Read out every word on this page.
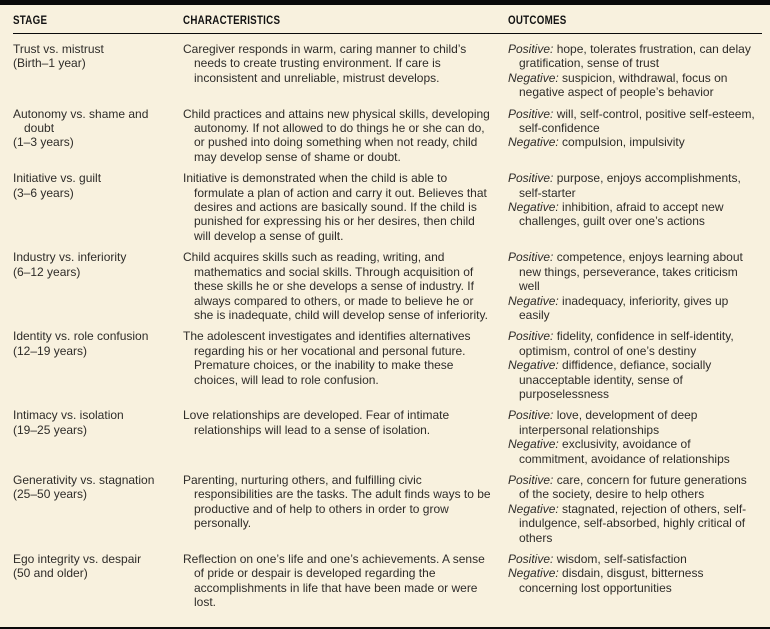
STAGE	CHARACTERISTICS	OUTCOMES
Trust vs. mistrust
(Birth–1 year)
Caregiver responds in warm, caring manner to child’s needs to create trusting environment. If care is inconsistent and unreliable, mistrust develops.
Positive: hope, tolerates frustration, can delay gratification, sense of trust
Negative: suspicion, withdrawal, focus on negative aspect of people’s behavior
Autonomy vs. shame and doubt
(1–3 years)
Child practices and attains new physical skills, developing autonomy. If not allowed to do things he or she can do, or pushed into doing something when not ready, child may develop sense of shame or doubt.
Positive: will, self-control, positive self-esteem, self-confidence
Negative: compulsion, impulsivity
Initiative vs. guilt
(3–6 years)
Initiative is demonstrated when the child is able to formulate a plan of action and carry it out. Believes that desires and actions are basically sound. If the child is punished for expressing his or her desires, then child will develop a sense of guilt.
Positive: purpose, enjoys accomplishments, self-starter
Negative: inhibition, afraid to accept new challenges, guilt over one’s actions
Industry vs. inferiority
(6–12 years)
Child acquires skills such as reading, writing, and mathematics and social skills. Through acquisition of these skills he or she develops a sense of industry. If always compared to others, or made to believe he or she is inadequate, child will develop sense of inferiority.
Positive: competence, enjoys learning about new things, perseverance, takes criticism well
Negative: inadequacy, inferiority, gives up easily
Identity vs. role confusion
(12–19 years)
The adolescent investigates and identifies alternatives regarding his or her vocational and personal future. Premature choices, or the inability to make these choices, will lead to role confusion.
Positive: fidelity, confidence in self-identity, optimism, control of one’s destiny
Negative: diffidence, defiance, socially unacceptable identity, sense of purposelessness
Intimacy vs. isolation
(19–25 years)
Love relationships are developed. Fear of intimate relationships will lead to a sense of isolation.
Positive: love, development of deep interpersonal relationships
Negative: exclusivity, avoidance of commitment, avoidance of relationships
Generativity vs. stagnation
(25–50 years)
Parenting, nurturing others, and fulfilling civic responsibilities are the tasks. The adult finds ways to be productive and of help to others in order to grow personally.
Positive: care, concern for future generations of the society, desire to help others
Negative: stagnated, rejection of others, self-indulgence, self-absorbed, highly critical of others
Ego integrity vs. despair
(50 and older)
Reflection on one’s life and one’s achievements. A sense of pride or despair is developed regarding the accomplishments in life that have been made or were lost.
Positive: wisdom, self-satisfaction
Negative: disdain, disgust, bitterness concerning lost opportunities
